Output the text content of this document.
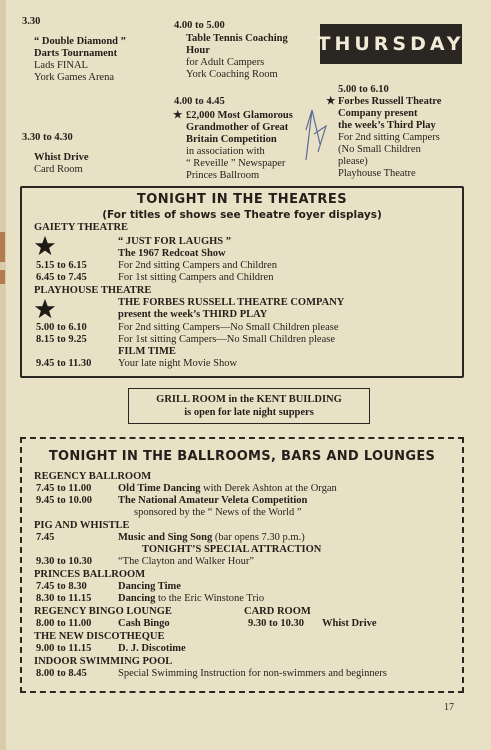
THURSDAY
3.30
“ Double Diamond ”
Darts Tournament
Lads FINAL
York Games Arena
3.30 to 4.30
Whist Drive
Card Room
4.00 to 5.00
Table Tennis Coaching
Hour
for Adult Campers
York Coaching Room
4.00 to 4.45
★ £2,000 Most Glamorous
Grandmother of Great
Britain Competition
in association with
“ Reveille ” Newspaper
Princes Ballroom
5.00 to 6.10
★ Forbes Russell Theatre
Company present
the week’s Third Play
For 2nd sitting Campers
(No Small Children
please)
Playhouse Theatre
TONIGHT IN THE THEATRES
(For titles of shows see Theatre foyer displays)
GAIETY THEATRE
“ JUST FOR LAUGHS ”
The 1967 Redcoat Show
5.15 to 6.15	For 2nd sitting Campers and Children
6.45 to 7.45	For 1st sitting Campers and Children
PLAYHOUSE THEATRE
THE FORBES RUSSELL THEATRE COMPANY
present the week’s THIRD PLAY
5.00 to 6.10	For 2nd sitting Campers—No Small Children please
8.15 to 9.25	For 1st sitting Campers—No Small Children please
FILM TIME
9.45 to 11.30	Your late night Movie Show
GRILL ROOM in the KENT BUILDING
is open for late night suppers
TONIGHT IN THE BALLROOMS, BARS AND LOUNGES
REGENCY BALLROOM
7.45 to 11.00	Old Time Dancing with Derek Ashton at the Organ
9.45 to 10.00 The National Amateur Veleta Competition
sponsored by the “ News of the World ”
PIG AND WHISTLE
7.45	Music and Sing Song (bar opens 7.30 p.m.)
TONIGHT’S SPECIAL ATTRACTION
9.30 to 10.30 “The Clayton and Walker Hour”
PRINCES BALLROOM
7.45 to 8.30	Dancing Time
8.30 to 11.15	Dancing to the Eric Winstone Trio
REGENCY BINGO LOUNGE
8.00 to 11.00	Cash Bingo
CARD ROOM
9.30 to 10.30 Whist Drive
THE NEW DISCOTHEQUE
9.00 to 11.15	D. J. Discotime
INDOOR SWIMMING POOL
8.00 to 8.45	Special Swimming Instruction for non-swimmers and beginners
17
